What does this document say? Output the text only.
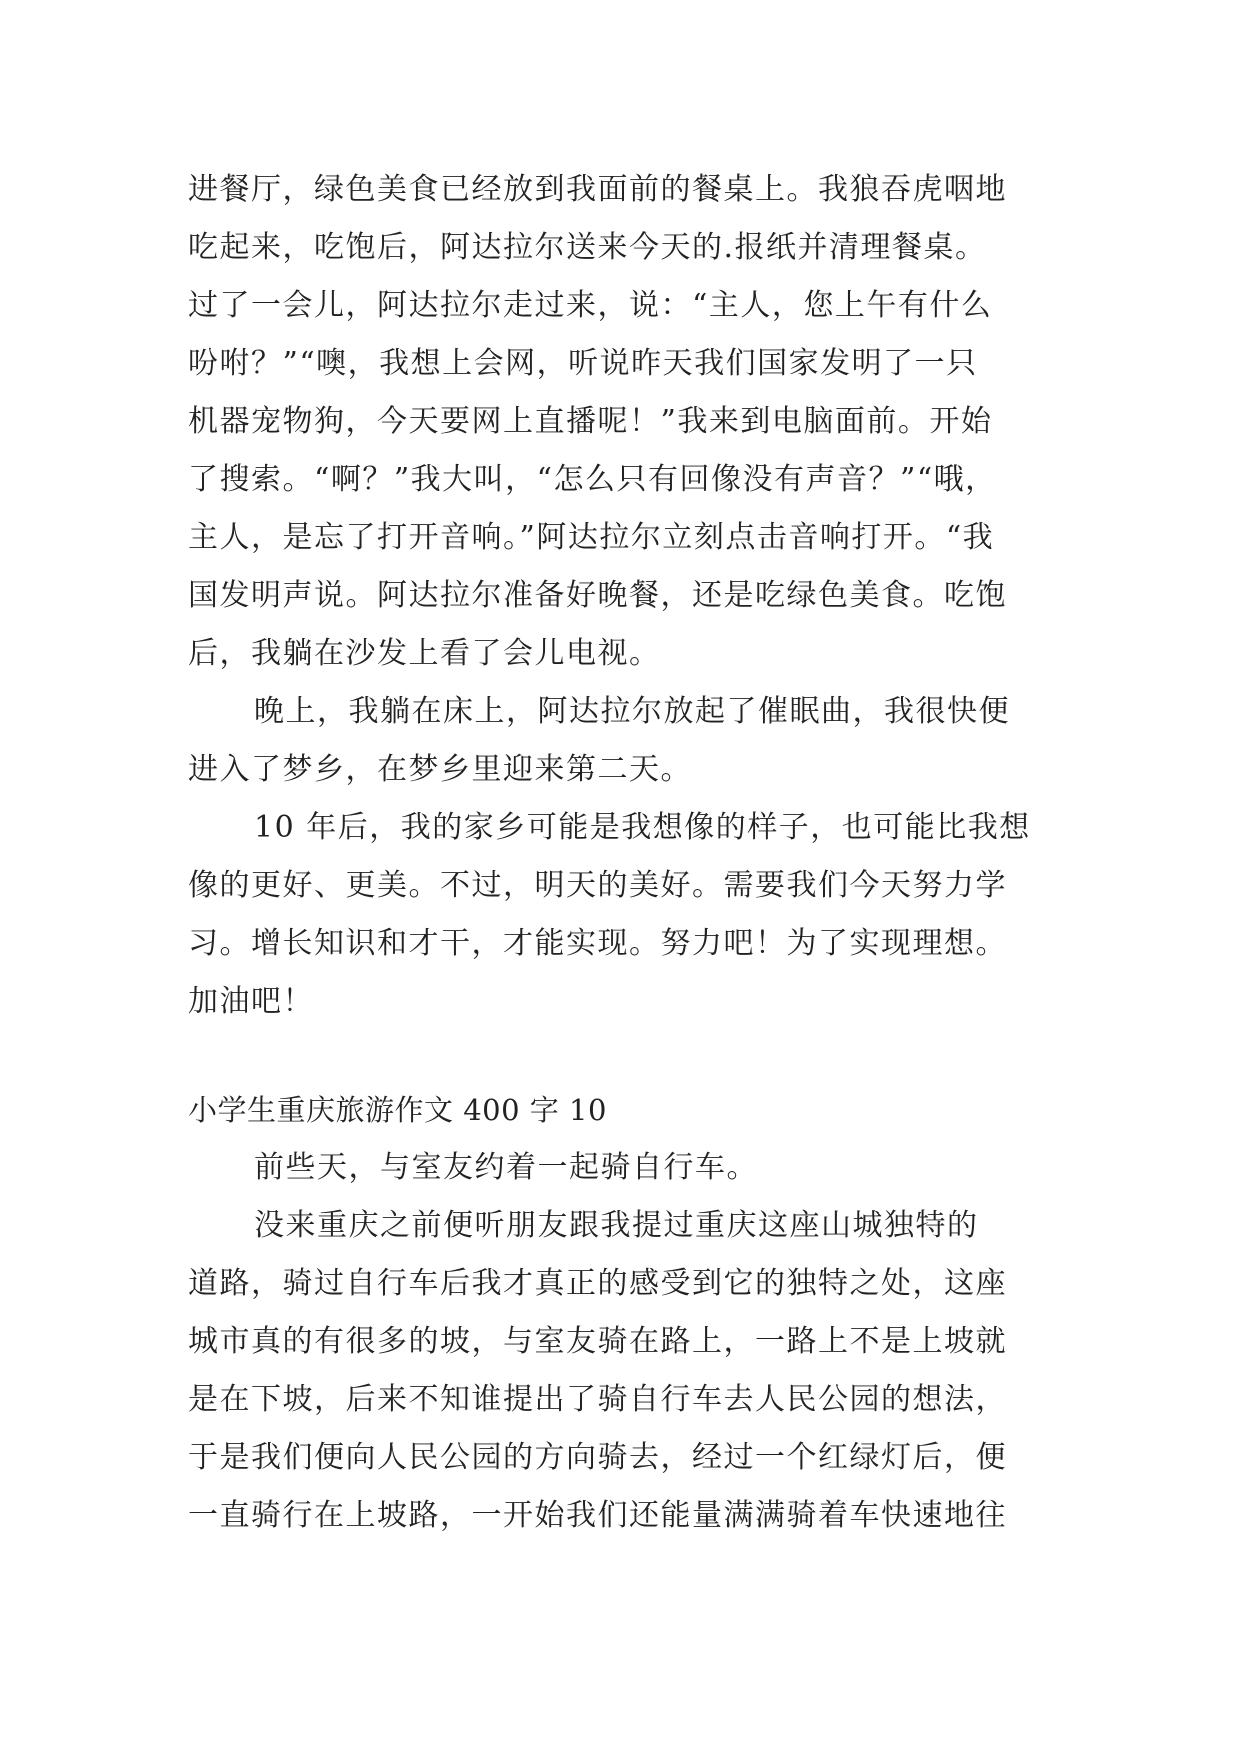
进餐厅，绿色美食已经放到我面前的餐桌上。我狼吞虎咽地
吃起来，吃饱后，阿达拉尔送来今天的.报纸并清理餐桌。
过了一会儿，阿达拉尔走过来，说：“主人，您上午有什么
吩咐？”“噢，我想上会网，听说昨天我们国家发明了一只
机器宠物狗，今天要网上直播呢！”我来到电脑面前。开始
了搜索。“啊？”我大叫，“怎么只有回像没有声音？”“哦，
主人，是忘了打开音响。”阿达拉尔立刻点击音响打开。“我
国发明声说。阿达拉尔准备好晚餐，还是吃绿色美食。吃饱
后，我躺在沙发上看了会儿电视。
晚上，我躺在床上，阿达拉尔放起了催眠曲，我很快便
进入了梦乡，在梦乡里迎来第二天。
10 年后，我的家乡可能是我想像的样子，也可能比我想
像的更好、更美。不过，明天的美好。需要我们今天努力学
习。增长知识和才干，才能实现。努力吧！为了实现理想。
加油吧！
小学生重庆旅游作文 400 字 10
前些天，与室友约着一起骑自行车。
没来重庆之前便听朋友跟我提过重庆这座山城独特的
道路，骑过自行车后我才真正的感受到它的独特之处，这座
城市真的有很多的坡，与室友骑在路上，一路上不是上坡就
是在下坡，后来不知谁提出了骑自行车去人民公园的想法，
于是我们便向人民公园的方向骑去，经过一个红绿灯后，便
一直骑行在上坡路，一开始我们还能量满满骑着车快速地往
